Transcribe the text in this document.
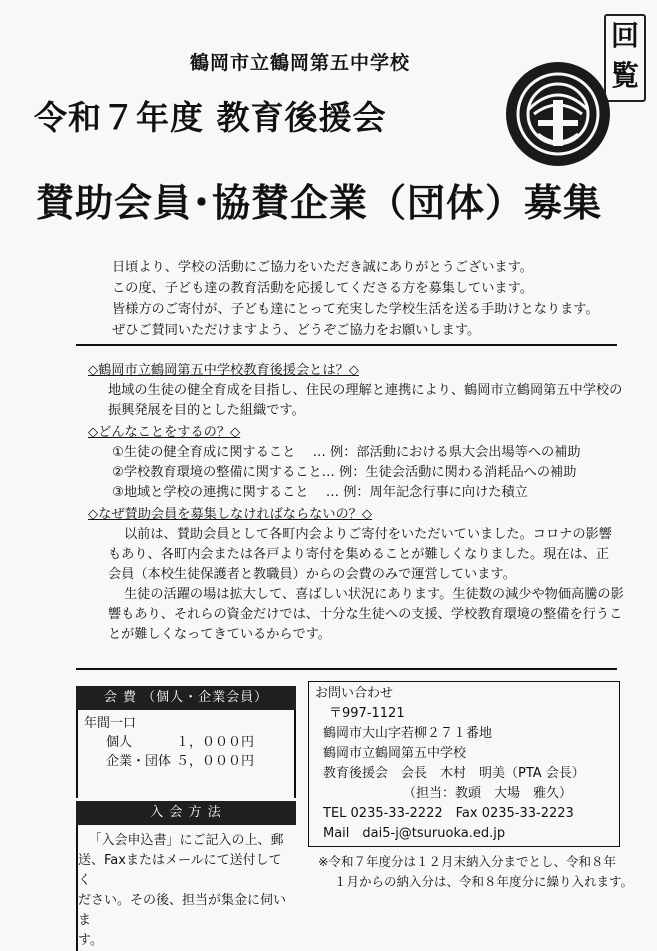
鶴岡市立鶴岡第五中学校
令和７年度 教育後援会
賛助会員･協賛企業（団体）募集
回覧
日頃より、学校の活動にご協力をいただき誠にありがとうございます。
この度、子ども達の教育活動を応援してくださる方を募集しています。
皆様方のご寄付が、子ども達にとって充実した学校生活を送る手助けとなります。
ぜひご賛同いただけますよう、どうぞご協力をお願いします。
◇鶴岡市立鶴岡第五中学校教育後援会とは？◇
地域の生徒の健全育成を目指し、住民の理解と連携により、鶴岡市立鶴岡第五中学校の
振興発展を目的とした組織です。
◇どんなことをするの？◇
①生徒の健全育成に関すること　 … 例：部活動における県大会出場等への補助
②学校教育環境の整備に関すること… 例：生徒会活動に関わる消耗品への補助
③地域と学校の連携に関すること　 … 例：周年記念行事に向けた積立
◇なぜ賛助会員を募集しなければならないの？◇
以前は、賛助会員として各町内会よりご寄付をいただいていました。コロナの影響
もあり、各町内会または各戸より寄付を集めることが難しくなりました。現在は、正
会員（本校生徒保護者と教職員）からの会費のみで運営しています。
生徒の活躍の場は拡大して、喜ばしい状況にあります。生徒数の減少や物価高騰の影
響もあり、それらの資金だけでは、十分な生徒への支援、学校教育環境の整備を行うこ
とが難しくなってきているからです。
会 費 （個人・企業会員）
年間一口
個人	１，０００円
企業・団体 ５，０００円
入 会 方 法
「入会申込書」にご記入の上、郵
送、Faxまたはメールにて送付してく
ださい。その後、担当が集金に伺いま
す。
お問い合わせ
〒997-1121
鶴岡市大山字若柳２７１番地
鶴岡市立鶴岡第五中学校
教育後援会　会長　木村　明美（PTA 会長）
（担当：教頭　大場　雅久）
TEL 0235-33-2222　Fax 0235-33-2223
Mail　dai5-j@tsuruoka.ed.jp
※令和７年度分は１２月末納入分までとし、令和８年
１月からの納入分は、令和８年度分に繰り入れます。
